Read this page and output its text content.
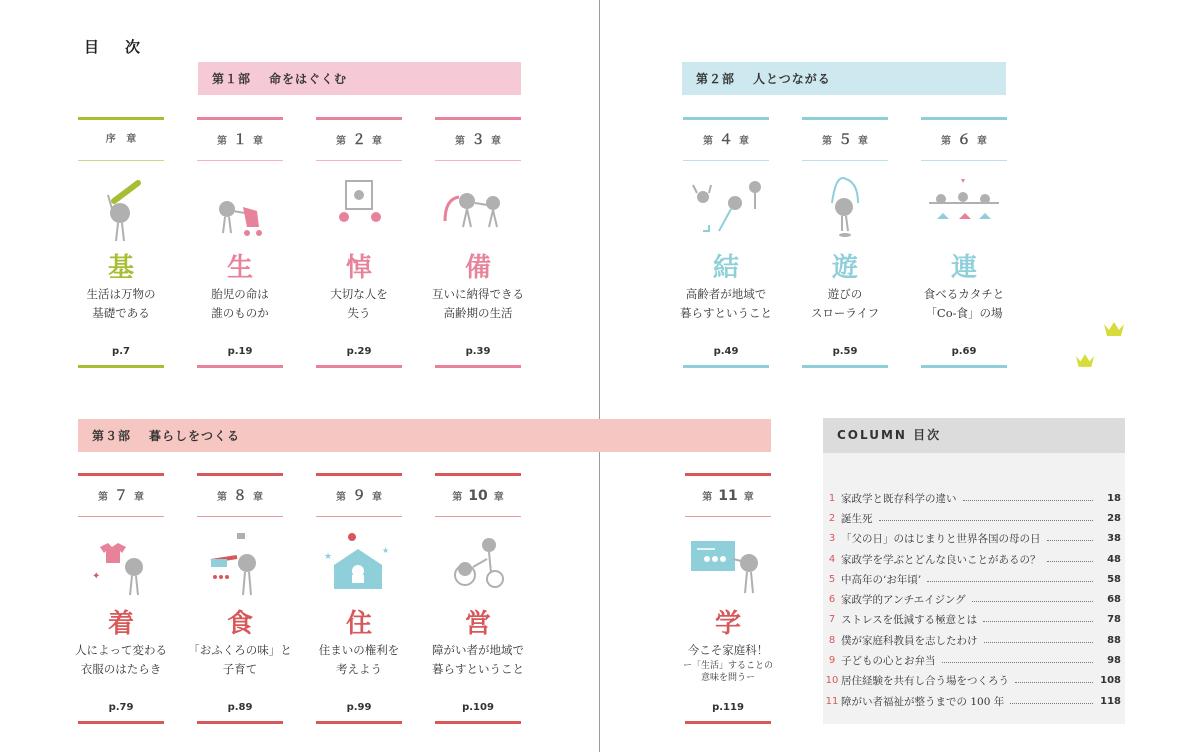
目次
第１部 命をはぐくむ	第２部 人とつながる
第３部 暮らしをつくる
序   章
基
生活は万物の
基礎である
p.7
第 １ 章
生
胎児の命は
誰のものか
p.19
第 ２ 章
悼
大切な人を
失う
p.29
第 ３ 章
備
互いに納得できる
高齢期の生活
p.39
第 ４ 章
結
高齢者が地域で
暮らすということ
p.49
第 ５ 章
遊
遊びの
スローライフ
p.59
第 ６ 章
連
食べるカタチと
「Co-食」の場
p.69
第 ７ 章
✦
着
人によって変わる
衣服のはたらき
p.79
第 ８ 章
食
「おふくろの味」と
子育て
p.89
第 ９ 章
★
★
住
住まいの権利を
考えよう
p.99
第 10 章
営
障がい者が地域で
暮らすということ
p.109
第 11 章
学
今こそ家庭科！
ー「生活」することの
意味を問うー
p.119
COLUMN 目次
1 家政学と既存科学の違い	18
2 誕生死	28
3 「父の日」のはじまりと世界各国の母の日	38
4 家政学を学ぶとどんな良いことがあるの？	48
5 中高年の‘お年頃’	58
6 家政学的アンチエイジング	68
7 ストレスを低減する極意とは	78
8 僕が家庭科教員を志したわけ	88
9 子どもの心とお弁当	98
10 居住経験を共有し合う場をつくろう	108
11 障がい者福祉が整うまでの 100 年	118
